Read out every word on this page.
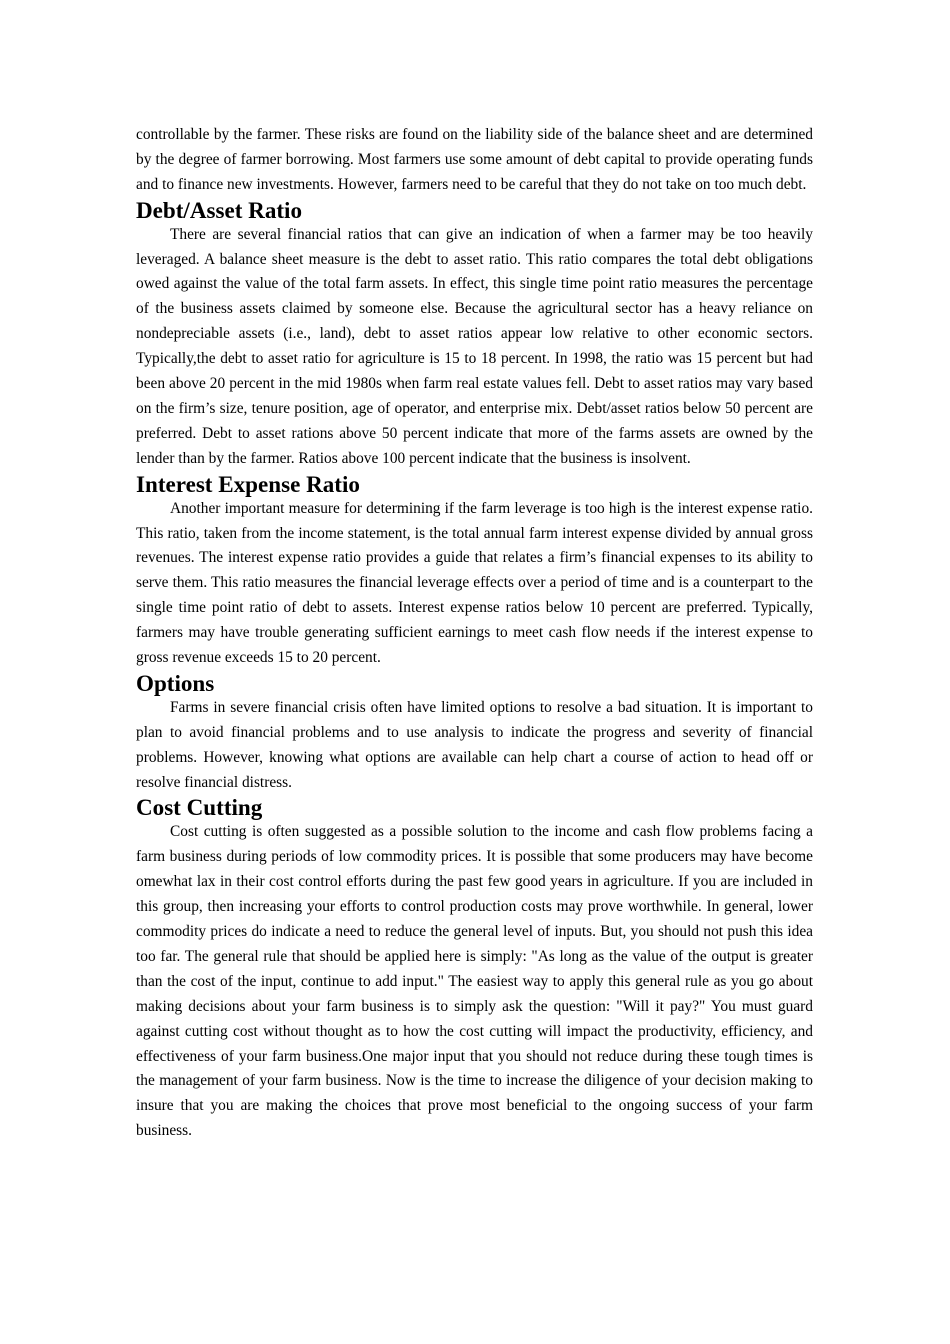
controllable by the farmer. These risks are found on the liability side of the balance sheet and are determined by the degree of farmer borrowing. Most farmers use some amount of debt capital to provide operating funds and to finance new investments. However, farmers need to be careful that they do not take on too much debt.

Debt/Asset Ratio

There are several financial ratios that can give an indication of when a farmer may be too heavily leveraged. A balance sheet measure is the debt to asset ratio. This ratio compares the total debt obligations owed against the value of the total farm assets. In effect, this single time point ratio measures the percentage of the business assets claimed by someone else. Because the agricultural sector has a heavy reliance on nondepreciable assets (i.e., land), debt to asset ratios appear low relative to other economic sectors. Typically,the debt to asset ratio for agriculture is 15 to 18 percent. In 1998, the ratio was 15 percent but had been above 20 percent in the mid 1980s when farm real estate values fell. Debt to asset ratios may vary based on the firm’s size, tenure position, age of operator, and enterprise mix. Debt/asset ratios below 50 percent are preferred. Debt to asset rations above 50 percent indicate that more of the farms assets are owned by the lender than by the farmer. Ratios above 100 percent indicate that the business is insolvent.

Interest Expense Ratio

Another important measure for determining if the farm leverage is too high is the interest expense ratio. This ratio, taken from the income statement, is the total annual farm interest expense divided by annual gross revenues. The interest expense ratio provides a guide that relates a firm’s financial expenses to its ability to serve them. This ratio measures the financial leverage effects over a period of time and is a counterpart to the single time point ratio of debt to assets. Interest expense ratios below 10 percent are preferred. Typically, farmers may have trouble generating sufficient earnings to meet cash flow needs if the interest expense to gross revenue exceeds 15 to 20 percent.

Options

Farms in severe financial crisis often have limited options to resolve a bad situation. It is important to plan to avoid financial problems and to use analysis to indicate the progress and severity of financial problems. However, knowing what options are available can help chart a course of action to head off or resolve financial distress.

Cost Cutting

Cost cutting is often suggested as a possible solution to the income and cash flow problems facing a farm business during periods of low commodity prices. It is possible that some producers may have become omewhat lax in their cost control efforts during the past few good years in agriculture. If you are included in this group, then increasing your efforts to control production costs may prove worthwhile. In general, lower commodity prices do indicate a need to reduce the general level of inputs. But, you should not push this idea too far. The general rule that should be applied here is simply: "As long as the value of the output is greater than the cost of the input, continue to add input." The easiest way to apply this general rule as you go about making decisions about your farm business is to simply ask the question: "Will it pay?" You must guard against cutting cost without thought as to how the cost cutting will impact the productivity, efficiency, and effectiveness of your farm business.One major input that you should not reduce during these tough times is the management of your farm business. Now is the time to increase the diligence of your decision making to insure that you are making the choices that prove most beneficial to the ongoing success of your farm business.
